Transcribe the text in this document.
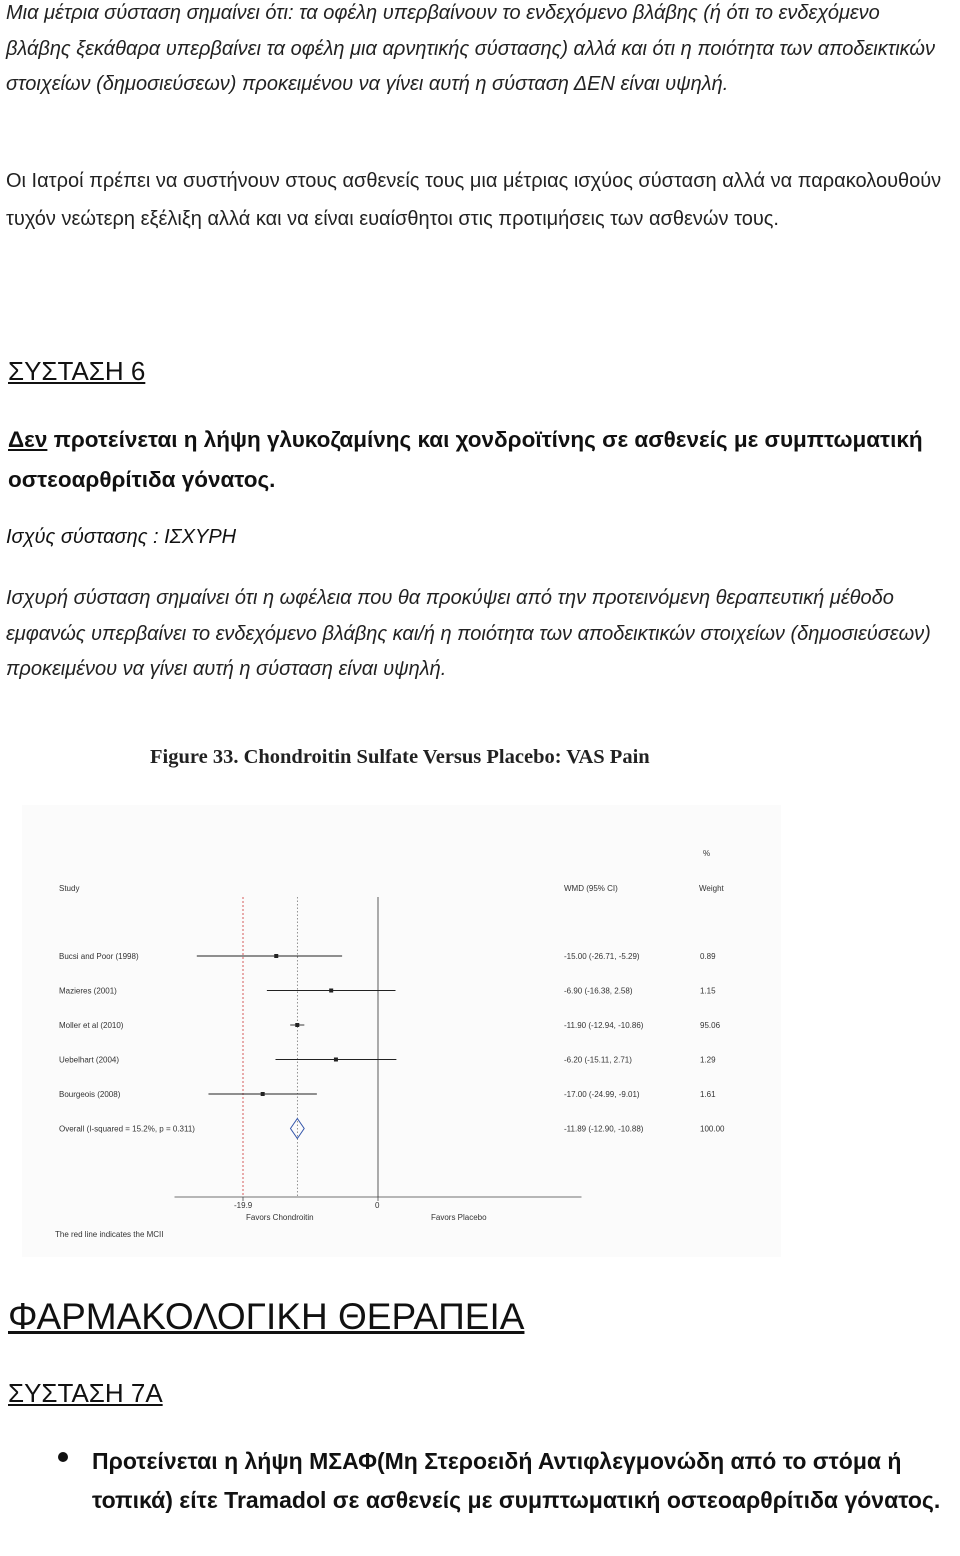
Μια μέτρια σύσταση σημαίνει ότι: τα οφέλη υπερβαίνουν το ενδεχόμενο βλάβης (ή ότι το ενδεχόμενο βλάβης ξεκάθαρα υπερβαίνει τα οφέλη μια αρνητικής σύστασης) αλλά και ότι η ποιότητα των αποδεικτικών στοιχείων (δημοσιεύσεων) προκειμένου να γίνει αυτή η σύσταση ΔΕΝ είναι υψηλή.
Οι Ιατροί πρέπει να συστήνουν στους ασθενείς τους μια μέτριας ισχύος σύσταση αλλά να παρακολουθούν τυχόν νεώτερη εξέλιξη αλλά και να είναι ευαίσθητοι στις προτιμήσεις των ασθενών τους.
ΣΥΣΤΑΣΗ 6
Δεν προτείνεται η λήψη γλυκοζαμίνης και χονδροϊτίνης σε ασθενείς με συμπτωματική οστεοαρθρίτιδα γόνατος.
Ισχύς σύστασης : ΙΣΧΥΡΗ
Ισχυρή σύσταση σημαίνει ότι η ωφέλεια που θα προκύψει από την προτεινόμενη θεραπευτική μέθοδο εμφανώς υπερβαίνει το ενδεχόμενο βλάβης και/ή η ποιότητα των αποδεικτικών στοιχείων (δημοσιεύσεων) προκειμένου να γίνει αυτή η σύσταση είναι υψηλή.
Figure 33. Chondroitin Sulfate Versus Placebo: VAS Pain
%
Study	WMD (95% CI)	Weight
-19.9	0
Favors Chondroitin	Favors Placebo
The red line indicates the MCII
Bucsi and Poor (1998)	-15.00 (-26.71, -5.29)	0.89
Mazieres (2001)	-6.90 (-16.38, 2.58)	1.15
Moller et al (2010)	-11.90 (-12.94, -10.86)	95.06
Uebelhart (2004)	-6.20 (-15.11, 2.71)	1.29
Bourgeois (2008)	-17.00 (-24.99, -9.01)	1.61
Overall (I-squared = 15.2%, p = 0.311)	-11.89 (-12.90, -10.88)	100.00
ΦΑΡΜΑΚΟΛΟΓΙΚΗ ΘΕΡΑΠΕΙΑ
ΣΥΣΤΑΣΗ 7Α
Προτείνεται η λήψη ΜΣΑΦ(Μη Στεροειδή Αντιφλεγμονώδη από το στόμα ή τοπικά) είτε Tramadol σε ασθενείς με συμπτωματική οστεοαρθρίτιδα γόνατος.
